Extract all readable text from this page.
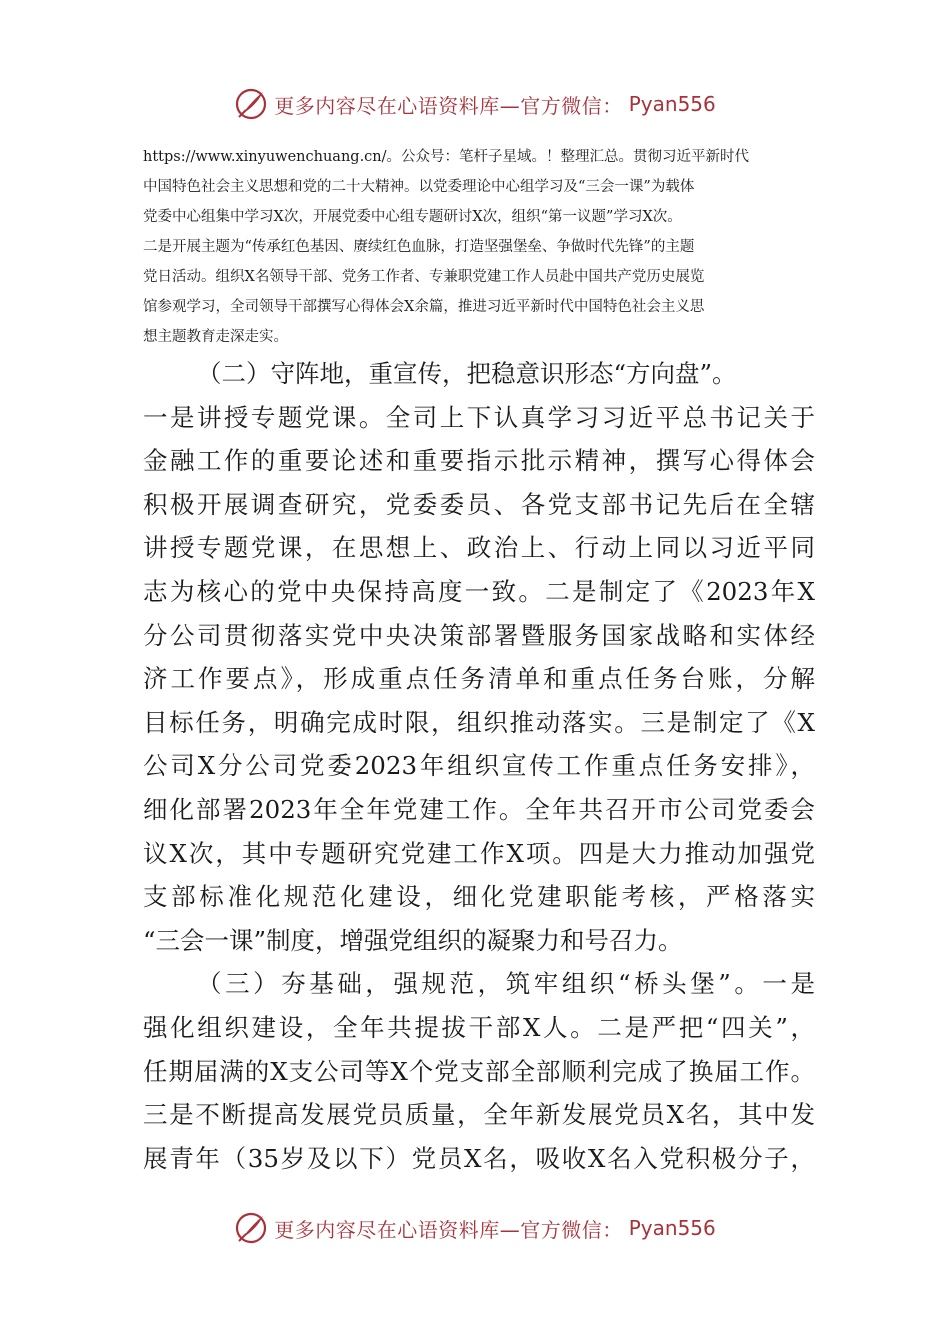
更多内容尽在心语资料库—官方微信： Pyan556

https://www.xinyuwenchuang.cn/。公众号：笔杆子星域。！整理汇总。贯彻习近平新时代

中国特色社会主义思想和党的二十大精神。以党委理论中心组学习及“三会一课”为载体

党委中心组集中学习X次，开展党委中心组专题研讨X次，组织“第一议题”学习X次。

二是开展主题为“传承红色基因、赓续红色血脉，打造坚强堡垒、争做时代先锋”的主题

党日活动。组织X名领导干部、党务工作者、专兼职党建工作人员赴中国共产党历史展览

馆参观学习，全司领导干部撰写心得体会X余篇，推进习近平新时代中国特色社会主义思

想主题教育走深走实。

（二）守阵地，重宣传，把稳意识形态“方向盘”。

一是讲授专题党课。全司上下认真学习习近平总书记关于

金融工作的重要论述和重要指示批示精神，撰写心得体会

积极开展调查研究，党委委员、各党支部书记先后在全辖

讲授专题党课，在思想上、政治上、行动上同以习近平同

志为核心的党中央保持高度一致。二是制定了《2023年X

分公司贯彻落实党中央决策部署暨服务国家战略和实体经

济工作要点》，形成重点任务清单和重点任务台账，分解

目标任务，明确完成时限，组织推动落实。三是制定了《X

公司X分公司党委2023年组织宣传工作重点任务安排》，

细化部署2023年全年党建工作。全年共召开市公司党委会

议X次，其中专题研究党建工作X项。四是大力推动加强党

支部标准化规范化建设，细化党建职能考核，严格落实

“三会一课”制度，增强党组织的凝聚力和号召力。

（三）夯基础，强规范，筑牢组织“桥头堡”。一是

强化组织建设，全年共提拔干部X人。二是严把“四关”，

任期届满的X支公司等X个党支部全部顺利完成了换届工作。

三是不断提高发展党员质量，全年新发展党员X名，其中发

展青年（35岁及以下）党员X名，吸收X名入党积极分子，

更多内容尽在心语资料库—官方微信： Pyan556
